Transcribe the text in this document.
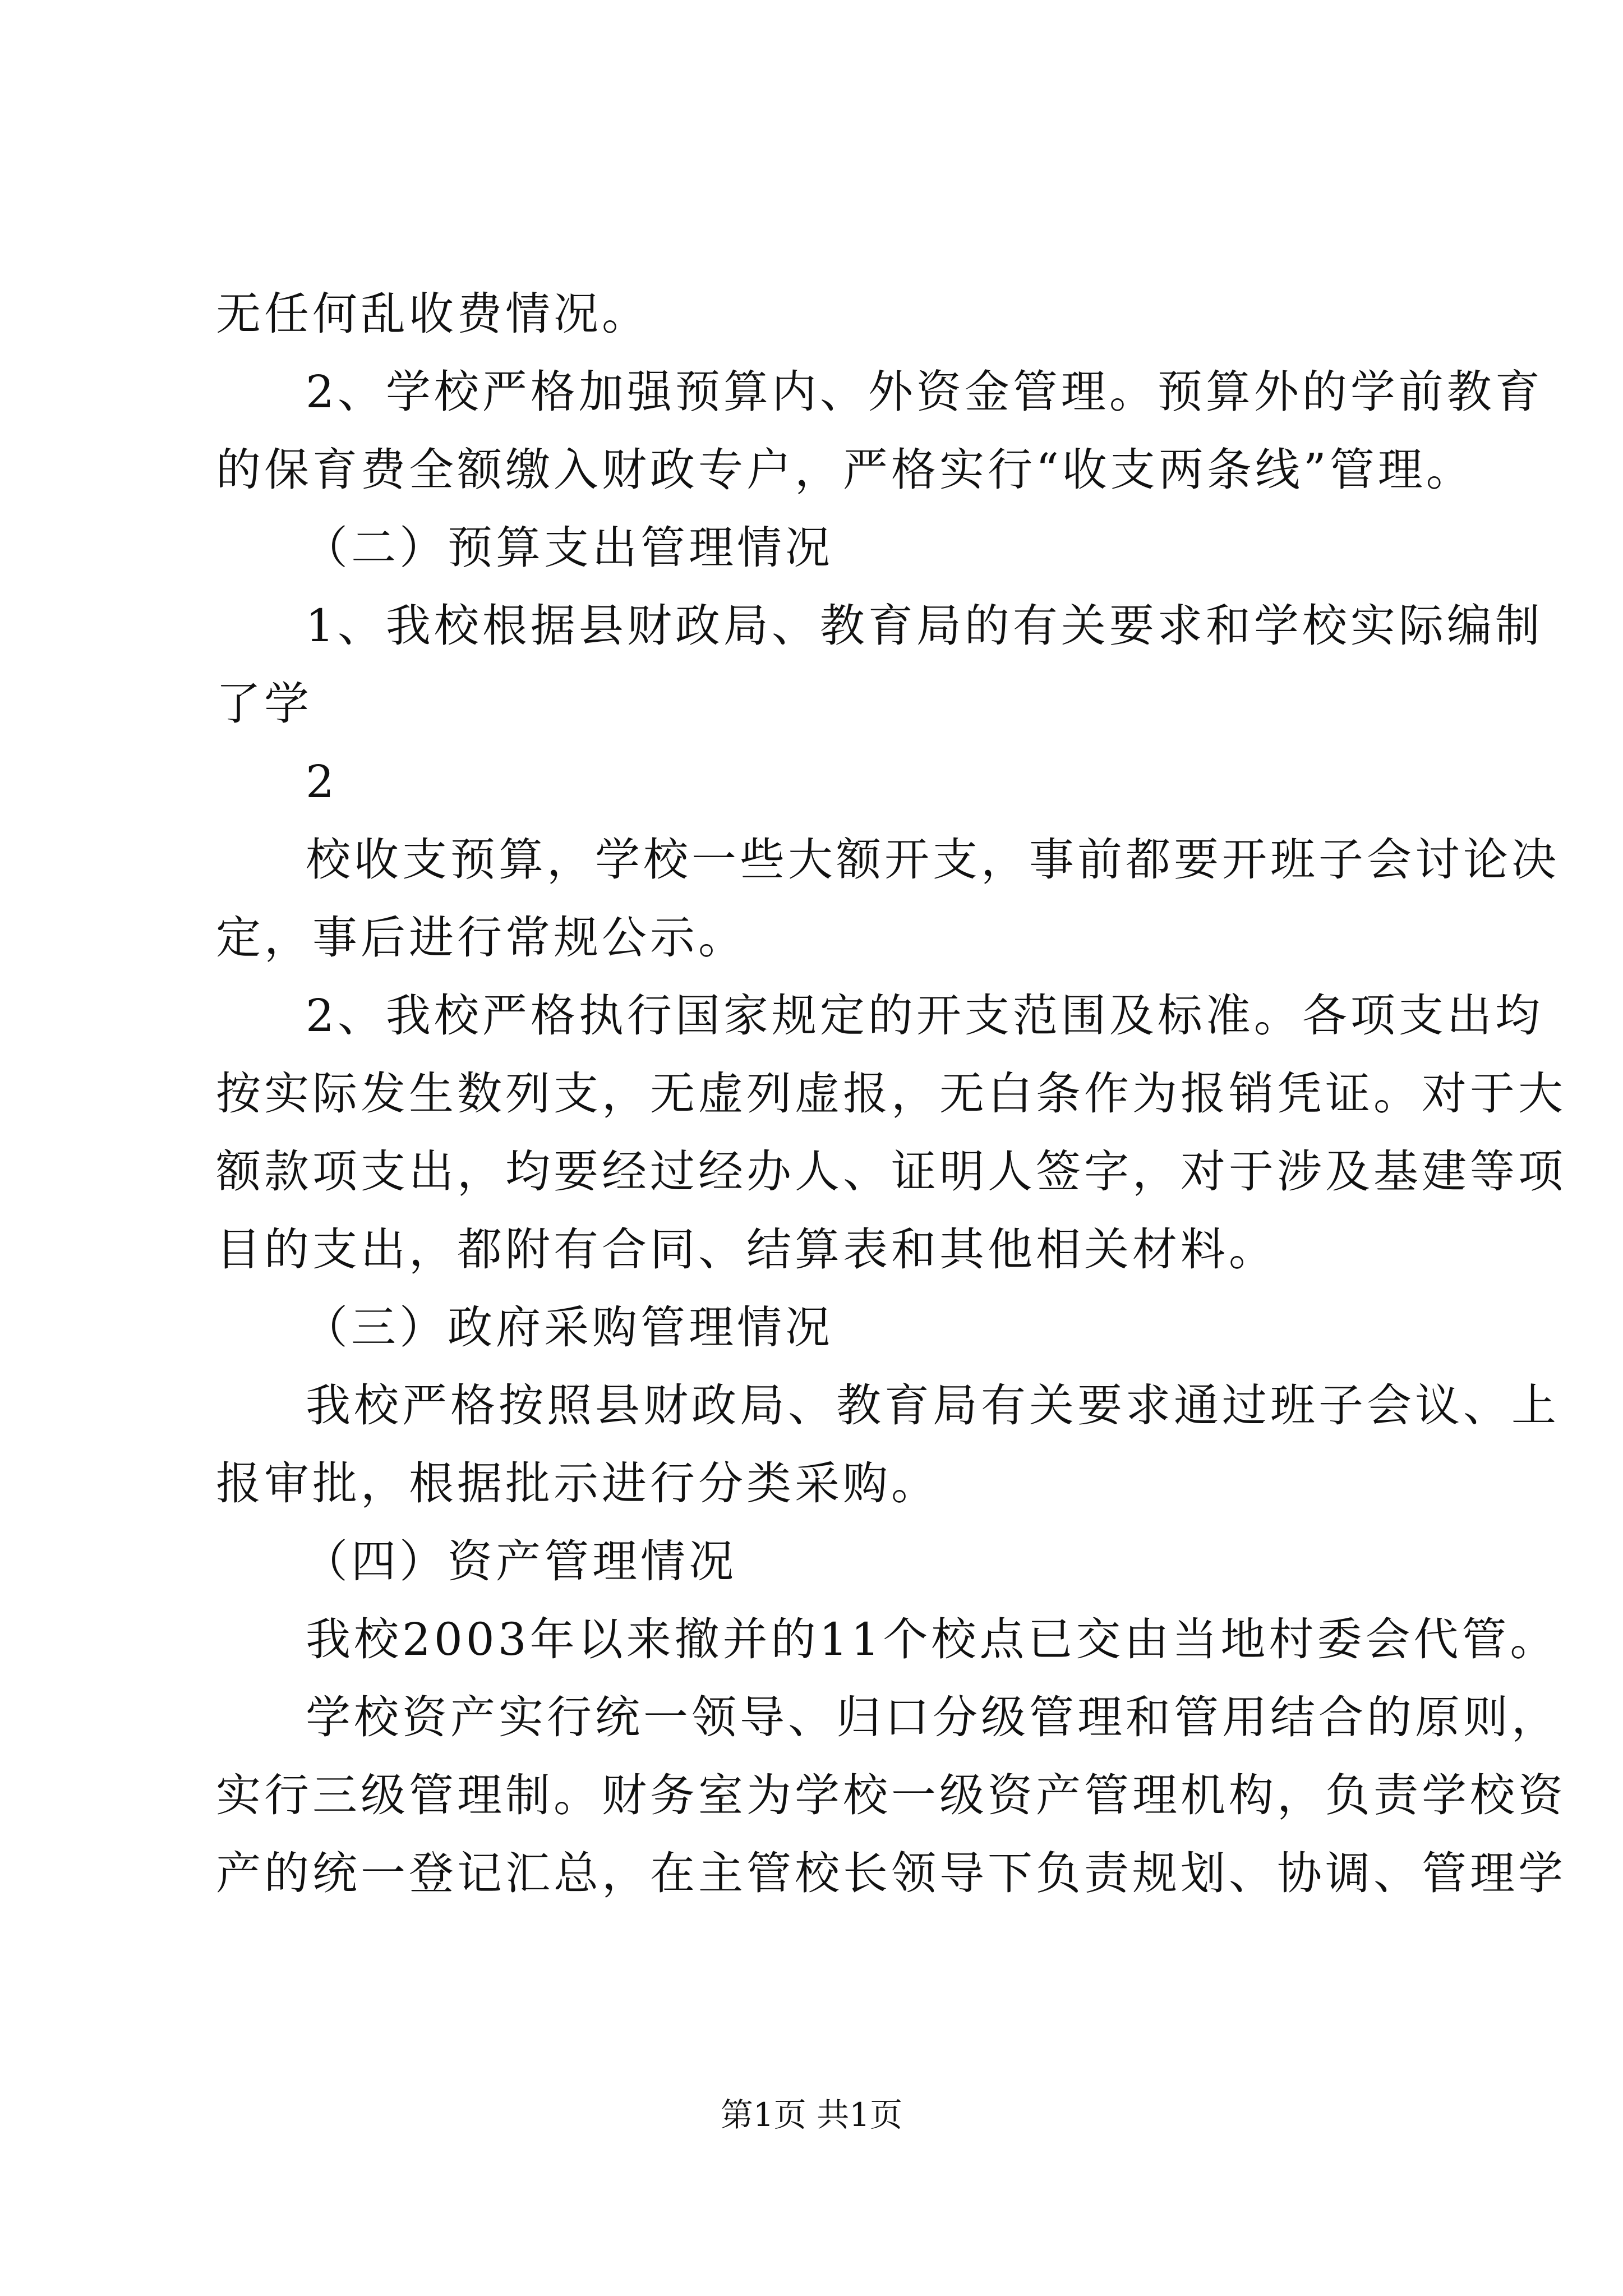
无任何乱收费情况。
2、学校严格加强预算内、外资金管理。预算外的学前教育
的保育费全额缴入财政专户，严格实行“收支两条线”管理。
（二）预算支出管理情况
1、我校根据县财政局、教育局的有关要求和学校实际编制
了学
2
校收支预算，学校一些大额开支，事前都要开班子会讨论决
定，事后进行常规公示。
2、我校严格执行国家规定的开支范围及标准。各项支出均
按实际发生数列支，无虚列虚报，无白条作为报销凭证。对于大
额款项支出，均要经过经办人、证明人签字，对于涉及基建等项
目的支出，都附有合同、结算表和其他相关材料。
（三）政府采购管理情况
我校严格按照县财政局、教育局有关要求通过班子会议、上
报审批，根据批示进行分类采购。
（四）资产管理情况
我校2003年以来撤并的11个校点已交由当地村委会代管。
学校资产实行统一领导、归口分级管理和管用结合的原则，
实行三级管理制。财务室为学校一级资产管理机构，负责学校资
产的统一登记汇总，在主管校长领导下负责规划、协调、管理学
第1页 共1页
